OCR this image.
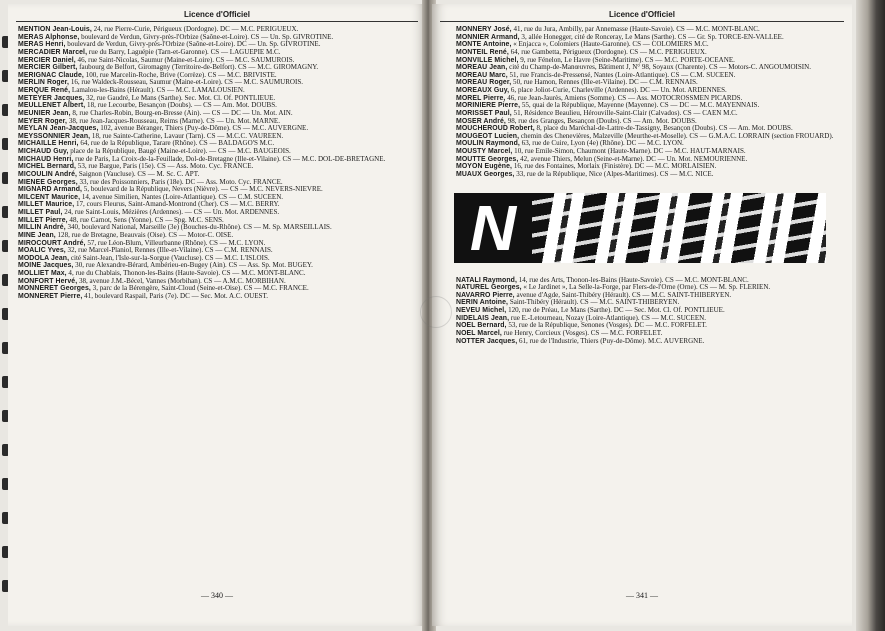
Licence d'Officiel

MENTION Jean-Louis, 24, rue Pierre-Curie, Périgueux (Dordogne). DC — M.C. PERIGUEUX.

MERAS Alphonse, boulevard de Verdun, Givry-près-l'Orbize (Saône-et-Loire). CS — Un. Sp. GIVROTINE.

MERAS Henri, boulevard de Verdun, Givry-près-l'Orbize (Saône-et-Loire). DC — Un. Sp. GIVROTINE.

MERCADIER Marcel, rue du Barry, Laguépie (Tarn-et-Garonne). CS — LAGUEPIE M.C.

MERCIER Daniel, 46, rue Saint-Nicolas, Saumur (Maine-et-Loire). CS — M.C. SAUMUROIS.

MERCIER Gilbert, faubourg de Belfort, Giromagny (Territoire-de-Belfort). CS — M.C. GIROMAGNY.

MERIGNAC Claude, 100, rue Marcelin-Roche, Brive (Corrèze). CS — M.C. BRIVISTE.

MERLIN Roger, 16, rue Waldeck-Rousseau, Saumur (Maine-et-Loire). CS — M.C. SAUMUROIS.

MERQUE René, Lamalou-les-Bains (Hérault). CS — M.C. LAMALOUSIEN.

METEYER Jacques, 32, rue Gaudré, Le Mans (Sarthe). Sec. Mot. Cl. Of. PONTLIEUE.

MEULLENET Albert, 18, rue Lecourbe, Besançon (Doubs). — CS — Am. Mot. DOUBS.

MEUNIER Jean, 8, rue Charles-Robin, Bourg-en-Bresse (Ain). — CS — DC — Un. Mot. AIN.

MEYER Roger, 38, rue Jean-Jacques-Rousseau, Reims (Marne). CS — Un. Mot. MARNE.

MEYLAN Jean-Jacques, 102, avenue Béranger, Thiers (Puy-de-Dôme). CS — M.C. AUVERGNE.

MEYSSONNIER Jean, 18, rue Sainte-Catherine, Lavaur (Tarn). CS — M.C.C. VAUREEN.

MICHAILLE Henri, 64, rue de la République, Tarare (Rhône). CS — BALDAGO'S M.C.

MICHAUD Guy, place de la République, Baugé (Maine-et-Loire). — CS — M.C. BAUGEOIS.

MICHAUD Henri, rue de Paris, La Croix-de-la-Feuillade, Dol-de-Bretagne (Ille-et-Vilaine). CS — M.C. DOL-DE-BRETAGNE.

MICHEL Bernard, 53, rue Bargue, Paris (15e). CS — Ass. Moto. Cyc. FRANCE.

MICOULIN André, Saignon (Vaucluse). CS — M. Sc. C. APT.

MIENEE Georges, 33, rue des Poissonniers, Paris (18e). DC — Ass. Moto. Cyc. FRANCE.

MIGNARD Armand, 5, boulevard de la République, Nevers (Nièvre). — CS — M.C. NEVERS-NIEVRE.

MILCENT Maurice, 14, avenue Similien, Nantes (Loire-Atlantique). CS — C.M. SUCEEN.

MILLET Maurice, 17, cours Fleurus, Saint-Amand-Montrond (Cher). CS — M.C. BERRY.

MILLET Paul, 24, rue Saint-Louis, Mézières (Ardennes). — CS — Un. Mot. ARDENNES.

MILLET Pierre, 48, rue Carnot, Sens (Yonne). CS — Spg. M.C. SENS.

MILLIN André, 340, boulevard National, Marseille (3e) (Bouches-du-Rhône). CS — M. Sp. MARSEILLAIS.

MINE Jean, 128, rue de Bretagne, Beauvais (Oise). CS — Motor-C. OISE.

MIROCOURT André, 57, rue Léon-Blum, Villeurbanne (Rhône). CS — M.C. LYON.

MOALIC Yves, 32, rue Marcel-Planiol, Rennes (Ille-et-Vilaine). CS — C.M. RENNAIS.

MODOLA Jean, cité Saint-Jean, l'Isle-sur-la-Sorgue (Vaucluse). CS — M.C. L'ISLOIS.

MOINE Jacques, 30, rue Alexandre-Bérard, Ambérieu-en-Bugey (Ain). CS — Ass. Sp. Mot. BUGEY.

MOLLIET Max, 4, rue du Chablais, Thonon-les-Bains (Haute-Savoie). CS — M.C. MONT-BLANC.

MONFORT Hervé, 38, avenue J.M.-Bécel, Vannes (Morbihan). CS — A.M.C. MORBIHAN.

MONNERET Georges, 3, parc de la Bérengère, Saint-Cloud (Seine-et-Oise). CS — M.C. FRANCE.

MONNERET Pierre, 41, boulevard Raspail, Paris (7e). DC — Sec. Mot. A.C. OUEST.

— 340 —
Licence d'Officiel

MONNERY José, 41, rue du Jura, Ambilly, par Annemasse (Haute-Savoie). CS — M.C. MONT-BLANC.

MONNIER Armand, 3, allée Honegger, cité de Ronceray, Le Mans (Sarthe). CS — Gr. Sp. TORCE-EN-VALLEE.

MONTE Antoine, « Enjacca », Colomiers (Haute-Garonne). CS — COLOMIERS M.C.

MONTEIL René, 64, rue Gambetta, Périgueux (Dordogne). CS — M.C. PERIGUEUX.

MONVILLE Michel, 9, rue Fénelon, Le Havre (Seine-Maritime). CS — M.C. PORTE-OCEANE.

MOREAU Jean, cité du Champ-de-Manœuvres, Bâtiment J, N° 98, Soyaux (Charente). CS — Motors-C. ANGOUMOISIN.

MOREAU Marc, 51, rue Francis-de-Pressensé, Nantes (Loire-Atlantique). CS — C.M. SUCEEN.

MOREAU Roger, 50, rue Hamon, Rennes (Ille-et-Vilaine). DC — C.M. RENNAIS.

MOREAUX Guy, 6, place Joliot-Curie, Charleville (Ardennes). DC — Un. Mot. ARDENNES.

MOREL Pierre, 46, rue Jean-Jaurès, Amiens (Somme). CS — Ass. MOTOCROSSMEN PICARDS.

MORINIERE Pierre, 55, quai de la République, Mayenne (Mayenne). CS — DC — M.C. MAYENNAIS.

MORISSET Paul, 51, Résidence Beaulieu, Hérouville-Saint-Clair (Calvados). CS — CAEN M.C.

MOSER André, 98, rue des Granges, Besançon (Doubs). CS — Am. Mot. DOUBS.

MOUCHEROUD Robert, 8, place du Maréchal-de-Lattre-de-Tassigny, Besançon (Doubs). CS — Am. Mot. DOUBS.

MOUGEOT Lucien, chemin des Chenevières, Malzeville (Meurthe-et-Moselle). CS — G.M.A.C. LORRAIN (section FROUARD).

MOULIN Raymond, 63, rue de Cuire, Lyon (4e) (Rhône). DC — M.C. LYON.

MOUSTY Marcel, 10, rue Emile-Simon, Chaumont (Haute-Marne). DC — M.C. HAUT-MARNAIS.

MOUTTE Georges, 42, avenue Thiers, Melun (Seine-et-Marne). DC — Un. Mot. NEMOURIENNE.

MOYON Eugène, 16, rue des Fontaines, Morlaix (Finistère). DC — M.C. MORLAISIEN.

MUAUX Georges, 33, rue de la République, Nice (Alpes-Maritimes). CS — M.C. NICE.

N

NATALI Raymond, 14, rue des Arts, Thonon-les-Bains (Haute-Savoie). CS — M.C. MONT-BLANC.

NATUREL Georges, « Le Jardinet », La Selle-la-Forge, par Flers-de-l'Orne (Orne). CS — M. Sp. FLERIEN.

NAVARRO Pierre, avenue d'Agde, Saint-Thibéry (Hérault). CS — M.C. SAINT-THIBERYEN.

NERIN Antoine, Saint-Thibéry (Hérault). CS — M.C. SAINT-THIBERYEN.

NEVEU Michel, 120, rue de Préau, Le Mans (Sarthe). DC — Sec. Mot. Cl. Of. PONTLIEUE.

NIDELAIS Jean, rue E.-Letourneau, Nozay (Loire-Atlantique). CS — M.C. SUCEEN.

NOEL Bernard, 53, rue de la République, Senones (Vosges). DC — M.C. FORFELET.

NOEL Marcel, rue Henry, Corcieux (Vosges). CS — M.C. FORFELET.

NOTTER Jacques, 61, rue de l'Industrie, Thiers (Puy-de-Dôme). M.C. AUVERGNE.

— 341 —
